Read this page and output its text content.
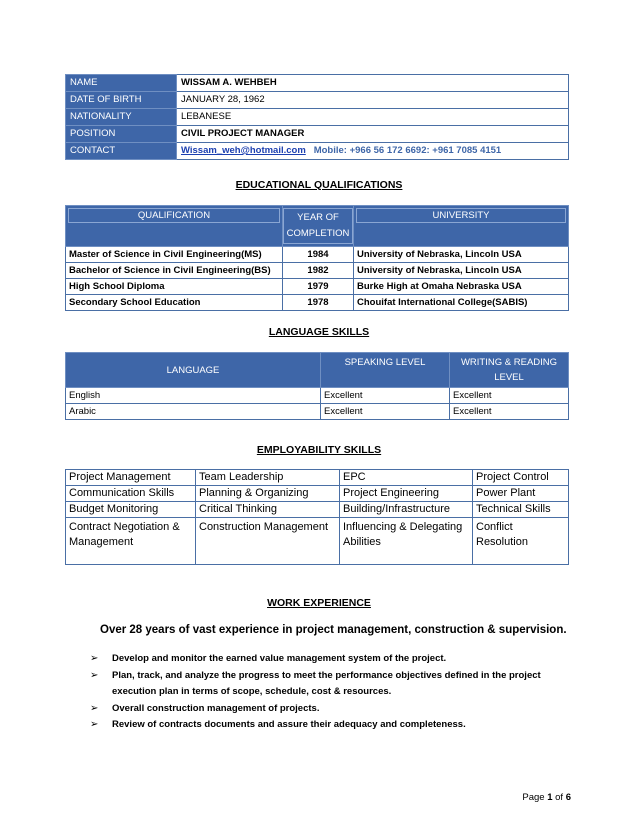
NAME	WISSAM A. WEHBEH
DATE OF BIRTH	JANUARY 28, 1962
NATIONALITY	LEBANESE
POSITION	CIVIL PROJECT MANAGER
CONTACT	Wissam_weh@hotmail.com Mobile: +966 56 172 6692: +961 7085 4151
EDUCATIONAL QUALIFICATIONS
QUALIFICATION	YEAR OF COMPLETION	UNIVERSITY

Master of Science in Civil Engineering(MS)	1984	University of Nebraska, Lincoln USA
Bachelor of Science in Civil Engineering(BS)	1982	University of Nebraska, Lincoln USA
High School Diploma	1979	Burke High at Omaha Nebraska USA
Secondary School Education	1978	Chouifat International College(SABIS)
LANGUAGE SKILLS
LANGUAGE	SPEAKING LEVEL	WRITING & READING LEVEL
English	Excellent	Excellent
Arabic	Excellent	Excellent
EMPLOYABILITY SKILLS
Project Management	Team Leadership	EPC	Project Control
Communication Skills	Planning & Organizing	Project Engineering	Power Plant
Budget Monitoring	Critical Thinking	Building/Infrastructure	Technical Skills
Contract Negotiation & Management	Construction Management	Influencing & Delegating Abilities	Conflict Resolution
WORK EXPERIENCE
Over 28 years of vast experience in project management, construction & supervision.
➢ Develop and monitor the earned value management system of the project.
➢ Plan, track, and analyze the progress to meet the performance objectives defined in the project execution plan in terms of scope, schedule, cost & resources.
➢ Overall construction management of projects.
➢ Review of contracts documents and assure their adequacy and completeness.
Page 1 of 6
